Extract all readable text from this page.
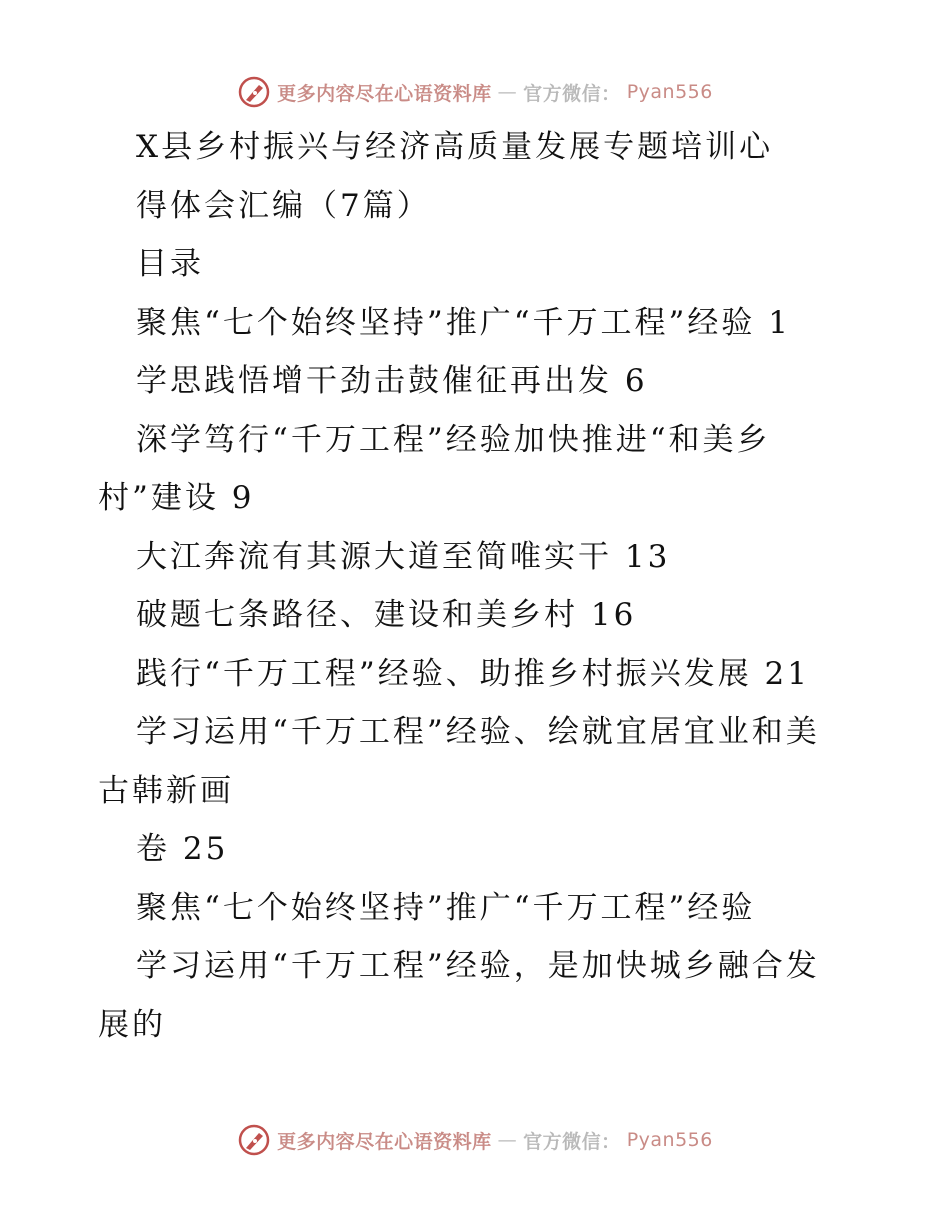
更多内容尽在心语资料库 — 官方微信： Pyan556
X县乡村振兴与经济高质量发展专题培训心
得体会汇编（7篇）
目录
聚焦“七个始终坚持”推广“千万工程”经验 1
学思践悟增干劲击鼓催征再出发 6
深学笃行“千万工程”经验加快推进“和美乡
村”建设 9
大江奔流有其源大道至简唯实干 13
破题七条路径、建设和美乡村 16
践行“千万工程”经验、助推乡村振兴发展 21
学习运用“千万工程”经验、绘就宜居宜业和美
古韩新画
卷 25
聚焦“七个始终坚持”推广“千万工程”经验
学习运用“千万工程”经验，是加快城乡融合发
展的
更多内容尽在心语资料库 — 官方微信： Pyan556
